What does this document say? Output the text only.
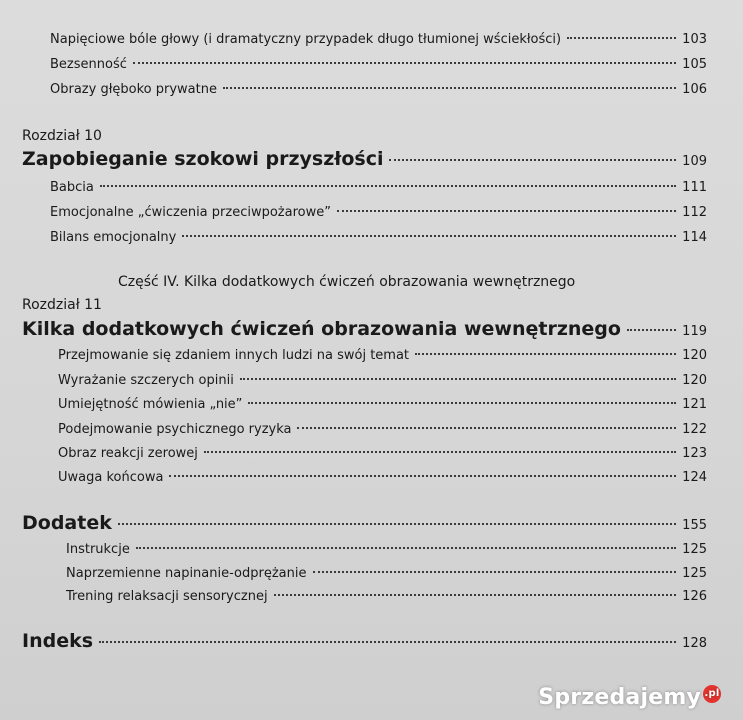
Napięciowe bóle głowy (i dramatyczny przypadek długo tłumionej wściekłości)	103
Bezsenność	105
Obrazy głęboko prywatne	106
Rozdział 10
Zapobieganie szokowi przyszłości	109
Babcia	111
Emocjonalne „ćwiczenia przeciwpożarowe”	112
Bilans emocjonalny	114
Część IV. Kilka dodatkowych ćwiczeń obrazowania wewnętrznego
Rozdział 11
Kilka dodatkowych ćwiczeń obrazowania wewnętrznego	119
Przejmowanie się zdaniem innych ludzi na swój temat	120
Wyrażanie szczerych opinii	120
Umiejętność mówienia „nie”	121
Podejmowanie psychicznego ryzyka	122
Obraz reakcji zerowej	123
Uwaga końcowa	124
Dodatek	155
Instrukcje	125
Naprzemienne napinanie-odprężanie	125
Trening relaksacji sensorycznej	126
Indeks	128
Sprzedajemy .pl
